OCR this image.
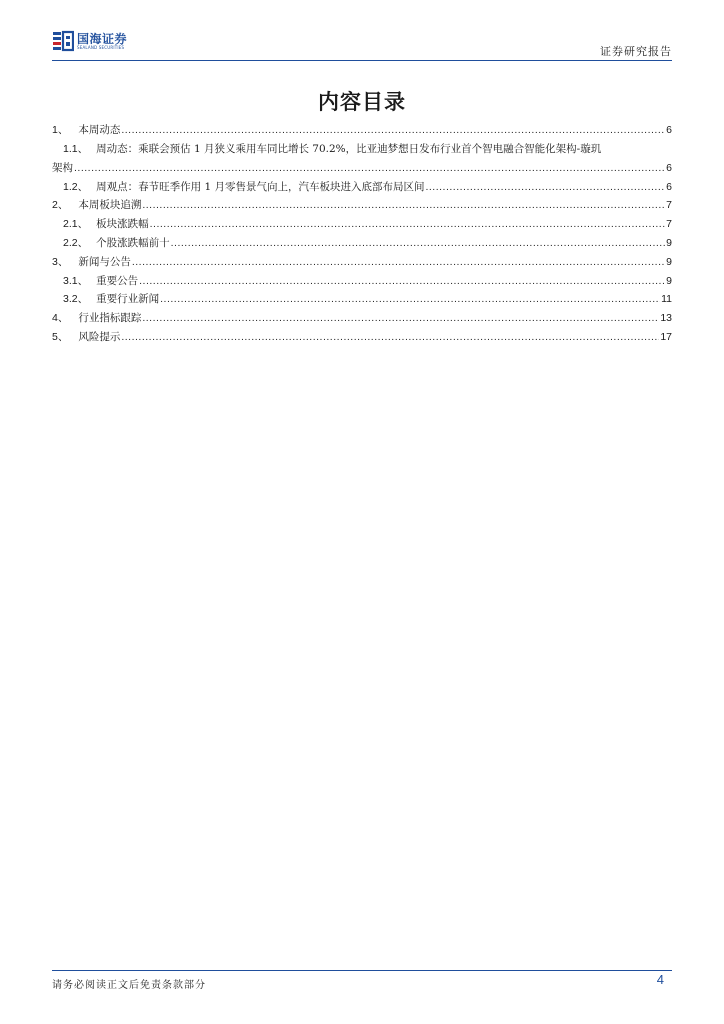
国海证券
SEALAND SECURITIES	证券研究报告
内容目录
1、 本周动态 .....	6
1.1、 周动态：乘联会预估 1 月狭义乘用车同比增长 70.2%，比亚迪梦想日发布行业首个智电融合智能化架构-璇玑
架构 .....	6
1.2、 周观点：春节旺季作用 1 月零售景气向上，汽车板块进入底部布局区间 .....	6
2、 本周板块追溯 .....	7
2.1、 板块涨跌幅 .....	7
2.2、 个股涨跌幅前十 .....	9
3、 新闻与公告 .....	9
3.1、 重要公告 .....	9
3.2、 重要行业新闻 .....	11
4、 行业指标跟踪 .....	13
5、 风险提示 .....	17
请务必阅读正文后免责条款部分	4
